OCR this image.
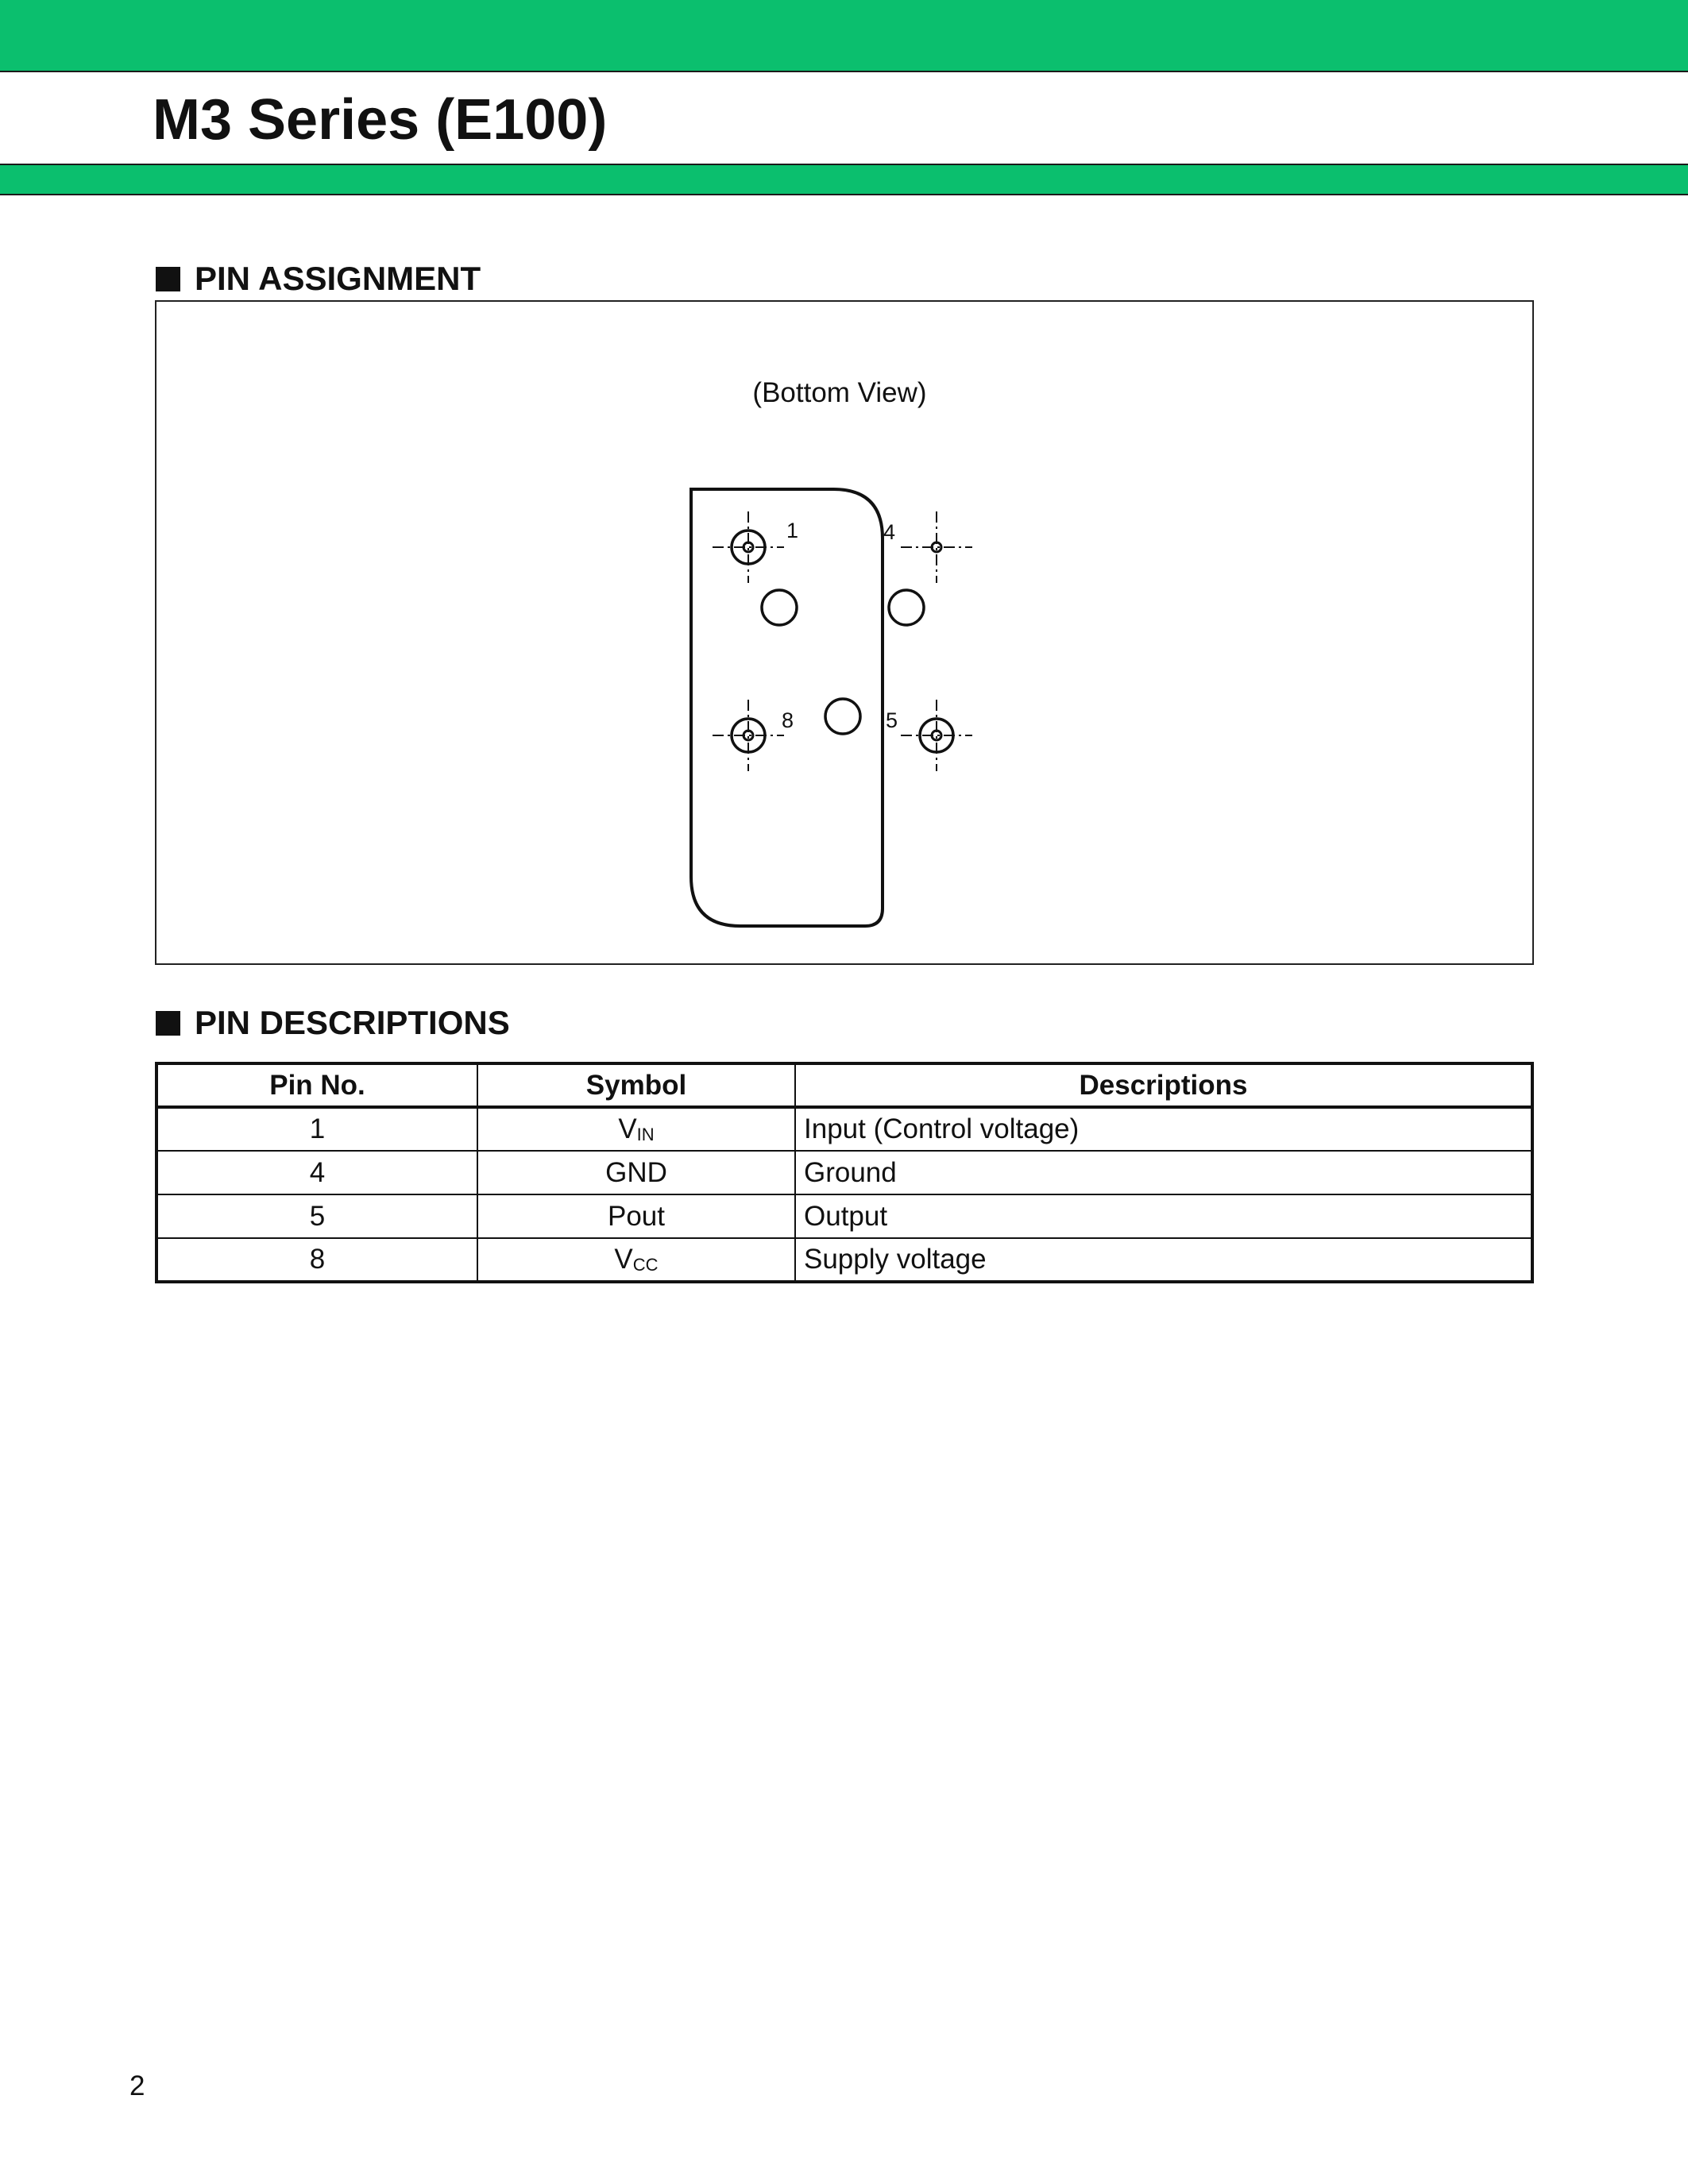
M3 Series (E100)
PIN ASSIGNMENT
(Bottom View)
1	4
8	5
PIN DESCRIPTIONS
Pin No.	Symbol	Descriptions
1	VIN	Input (Control voltage)
4	GND	Ground
5	Pout	Output
8	VCC	Supply voltage
2
